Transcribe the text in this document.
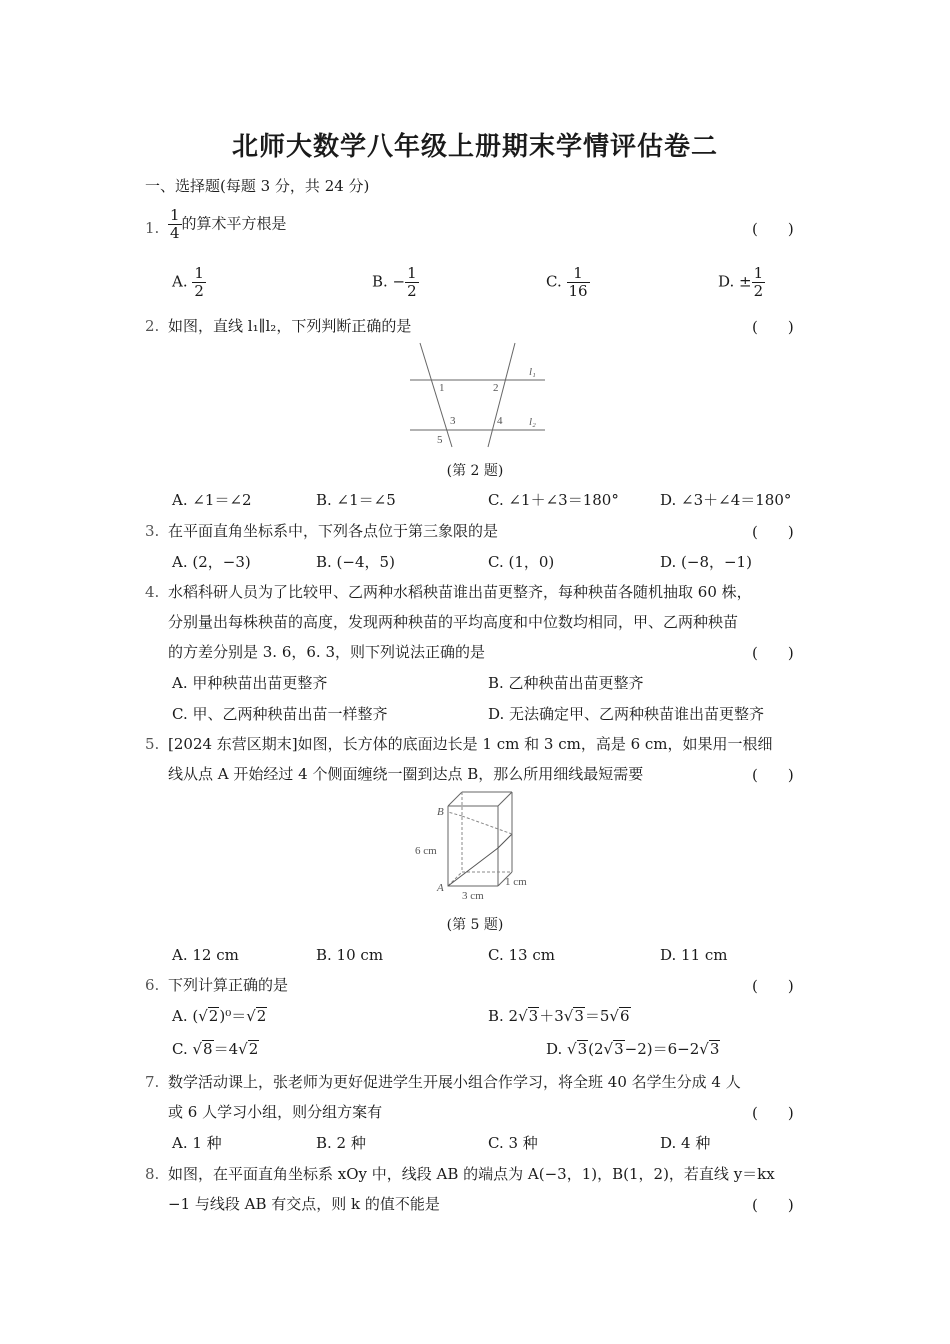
北师大数学八年级上册期末学情评估卷二
一、选择题(每题 3 分，共 24 分)
1. $\frac{1}{4}$ 的算术平方根是	(　　)
A. $\frac{1}{2}$	B. − $\frac{1}{2}$	C. $\frac{1}{16}$	D. ± $\frac{1}{2}$
2. 如图，直线 l₁∥l₂，下列判断正确的是	(　　)
l₁
l₂
1	2
3	4
5
(第 2 题)
A. ∠1＝∠2	B. ∠1＝∠5	C. ∠1＋∠3＝180°	D. ∠3＋∠4＝180°
3. 在平面直角坐标系中，下列各点位于第三象限的是	(　　)
A. (2，−3)	B. (−4，5)	C. (1，0)	D. (−8，−1)
4. 水稻科研人员为了比较甲、乙两种水稻秧苗谁出苗更整齐，每种秧苗各随机抽取 60 株，
分别量出每株秧苗的高度，发现两种秧苗的平均高度和中位数均相同，甲、乙两种秧苗
的方差分别是 3. 6，6. 3，则下列说法正确的是	(　　)
A. 甲种秧苗出苗更整齐	B. 乙种秧苗出苗更整齐
C. 甲、乙两种秧苗出苗一样整齐	D. 无法确定甲、乙两种秧苗谁出苗更整齐
5. [2024 东营区期末]如图，长方体的底面边长是 1 cm 和 3 cm，高是 6 cm，如果用一根细
线从点 A 开始经过 4 个侧面缠绕一圈到达点 B，那么所用细线最短需要	(　　)
B
A
6 cm
3 cm
1 cm
(第 5 题)
A. 12 cm	B. 10 cm	C. 13 cm	D. 11 cm
6. 下列计算正确的是	(　　)
A. (√2)⁰＝√2	B. 2√3＋3√3＝5√6
C. √8＝4√2	D. √3(2√3−2)＝6−2√3
7. 数学活动课上，张老师为更好促进学生开展小组合作学习，将全班 40 名学生分成 4 人
或 6 人学习小组，则分组方案有	(　　)
A. 1 种	B. 2 种	C. 3 种	D. 4 种
8. 如图，在平面直角坐标系 xOy 中，线段 AB 的端点为 A(−3，1)，B(1，2)，若直线 y＝kx
−1 与线段 AB 有交点，则 k 的值不能是	(　　)
